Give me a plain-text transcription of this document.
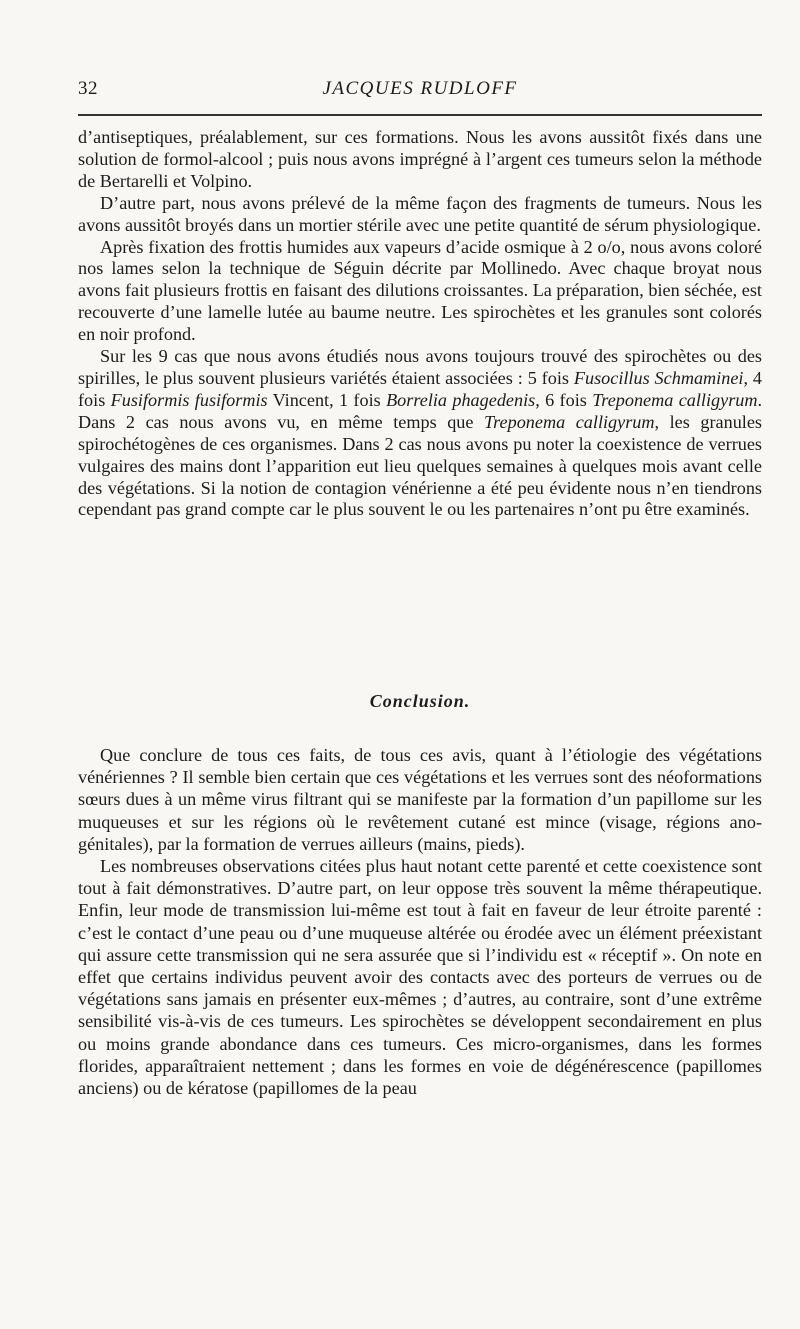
32	JACQUES RUDLOFF

d’antiseptiques, préalablement, sur ces formations. Nous les avons aussitôt fixés dans une solution de formol-alcool ; puis nous avons imprégné à l’argent ces tumeurs selon la méthode de Bertarelli et Volpino.

D’autre part, nous avons prélevé de la même façon des fragments de tumeurs. Nous les avons aussitôt broyés dans un mortier stérile avec une petite quantité de sérum physiologique.

Après fixation des frottis humides aux vapeurs d’acide osmique à 2 o/o, nous avons coloré nos lames selon la technique de Séguin décrite par Mollinedo. Avec chaque broyat nous avons fait plusieurs frottis en faisant des dilutions croissantes. La préparation, bien séchée, est recouverte d’une lamelle lutée au baume neutre. Les spirochètes et les granules sont colorés en noir profond.

Sur les 9 cas que nous avons étudiés nous avons toujours trouvé des spirochètes ou des spirilles, le plus souvent plusieurs variétés étaient associées : 5 fois Fusocillus Schmaminei, 4 fois Fusiformis fusiformis Vincent, 1 fois Borrelia phagedenis, 6 fois Treponema calligyrum. Dans 2 cas nous avons vu, en même temps que Treponema calligyrum, les granules spirochétogènes de ces organismes. Dans 2 cas nous avons pu noter la coexistence de verrues vulgaires des mains dont l’apparition eut lieu quelques semaines à quelques mois avant celle des végétations. Si la notion de contagion vénérienne a été peu évidente nous n’en tiendrons cependant pas grand compte car le plus souvent le ou les partenaires n’ont pu être examinés.

Conclusion.

Que conclure de tous ces faits, de tous ces avis, quant à l’étiologie des végétations vénériennes ? Il semble bien certain que ces végétations et les verrues sont des néoformations sœurs dues à un même virus filtrant qui se manifeste par la formation d’un papillome sur les muqueuses et sur les régions où le revêtement cutané est mince (visage, régions ano-génitales), par la formation de verrues ailleurs (mains, pieds).

Les nombreuses observations citées plus haut notant cette parenté et cette coexistence sont tout à fait démonstratives. D’autre part, on leur oppose très souvent la même thérapeutique. Enfin, leur mode de transmission lui-même est tout à fait en faveur de leur étroite parenté : c’est le contact d’une peau ou d’une muqueuse altérée ou érodée avec un élément préexistant qui assure cette transmission qui ne sera assurée que si l’individu est « réceptif ». On note en effet que certains individus peuvent avoir des contacts avec des porteurs de verrues ou de végétations sans jamais en présenter eux-mêmes ; d’autres, au contraire, sont d’une extrême sensibilité vis-à-vis de ces tumeurs. Les spirochètes se développent secondairement en plus ou moins grande abondance dans ces tumeurs. Ces micro-organismes, dans les formes florides, apparaîtraient nettement ; dans les formes en voie de dégénérescence (papillomes anciens) ou de kératose (papillomes de la peau
